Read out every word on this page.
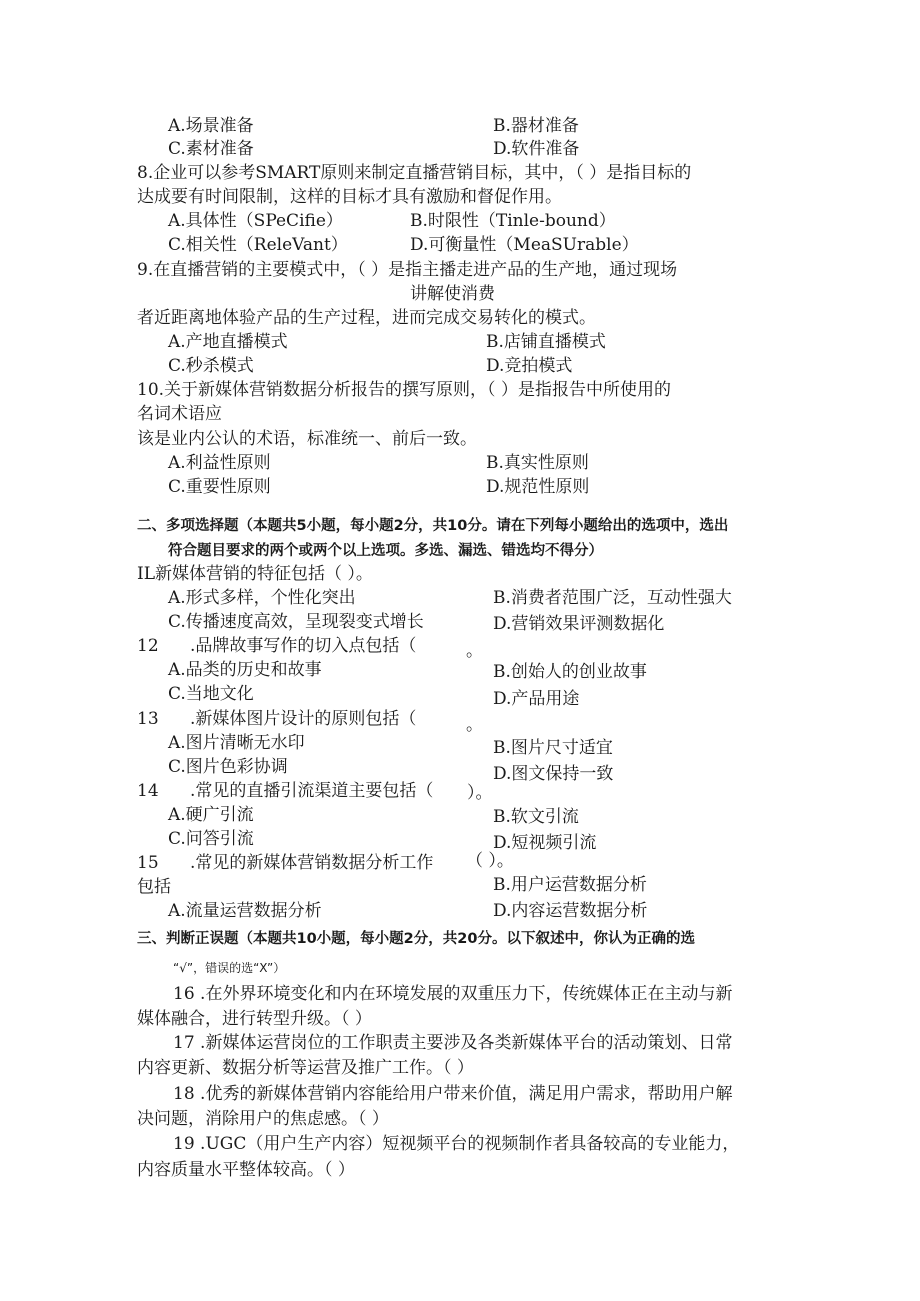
A.场景准备	B.器材准备
C.素材准备	D.软件准备
8.企业可以参考SMART原则来制定直播营销目标，其中，（ ）是指目标的
达成要有时间限制，这样的目标才具有激励和督促作用。
A.具体性（SPeCifie）	B.时限性（Tinle-bound）
C.相关性（ReleVant）	D.可衡量性（MeaSUrable）
9.在直播营销的主要模式中，（ ）是指主播走进产品的生产地，通过现场
讲解使消费
者近距离地体验产品的生产过程，进而完成交易转化的模式。
A.产地直播模式	B.店铺直播模式
C.秒杀模式	D.竞拍模式
10.关于新媒体营销数据分析报告的撰写原则，（ ）是指报告中所使用的
名词术语应
该是业内公认的术语，标准统一、前后一致。
A.利益性原则	B.真实性原则
C.重要性原则	D.规范性原则
二、多项选择题（本题共5小题，每小题2分，共10分。请在下列每小题给出的选项中，选出
符合题目要求的两个或两个以上选项。多选、漏选、错选均不得分）
IL新媒体营销的特征包括（ ）。
A.形式多样，个性化突出	B.消费者范围广泛，互动性强大
C.传播速度高效，呈现裂变式增长	D.营销效果评测数据化
12 .品牌故事写作的切入点包括（	。
A.品类的历史和故事	B.创始人的创业故事
C.当地文化	D.产品用途
13 .新媒体图片设计的原则包括（	。
A.图片清晰无水印	B.图片尺寸适宜
C.图片色彩协调	D.图文保持一致
14 .常见的直播引流渠道主要包括（ ）。
A.硬广引流	B.软文引流
C.问答引流	D.短视频引流
15 .常见的新媒体营销数据分析工作 （ ）。
包括	B.用户运营数据分析
A.流量运营数据分析	D.内容运营数据分析
三、判断正误题（本题共10小题，每小题2分，共20分。以下叙述中，你认为正确的选
“√”，错误的选“X”）
16 .在外界环境变化和内在环境发展的双重压力下，传统媒体正在主动与新
媒体融合，进行转型升级。（ ）
17 .新媒体运营岗位的工作职责主要涉及各类新媒体平台的活动策划、日常
内容更新、数据分析等运营及推广工作。（ ）
18 .优秀的新媒体营销内容能给用户带来价值，满足用户需求，帮助用户解
决问题，消除用户的焦虑感。（ ）
19 .UGC（用户生产内容）短视频平台的视频制作者具备较高的专业能力，
内容质量水平整体较高。（ ）
